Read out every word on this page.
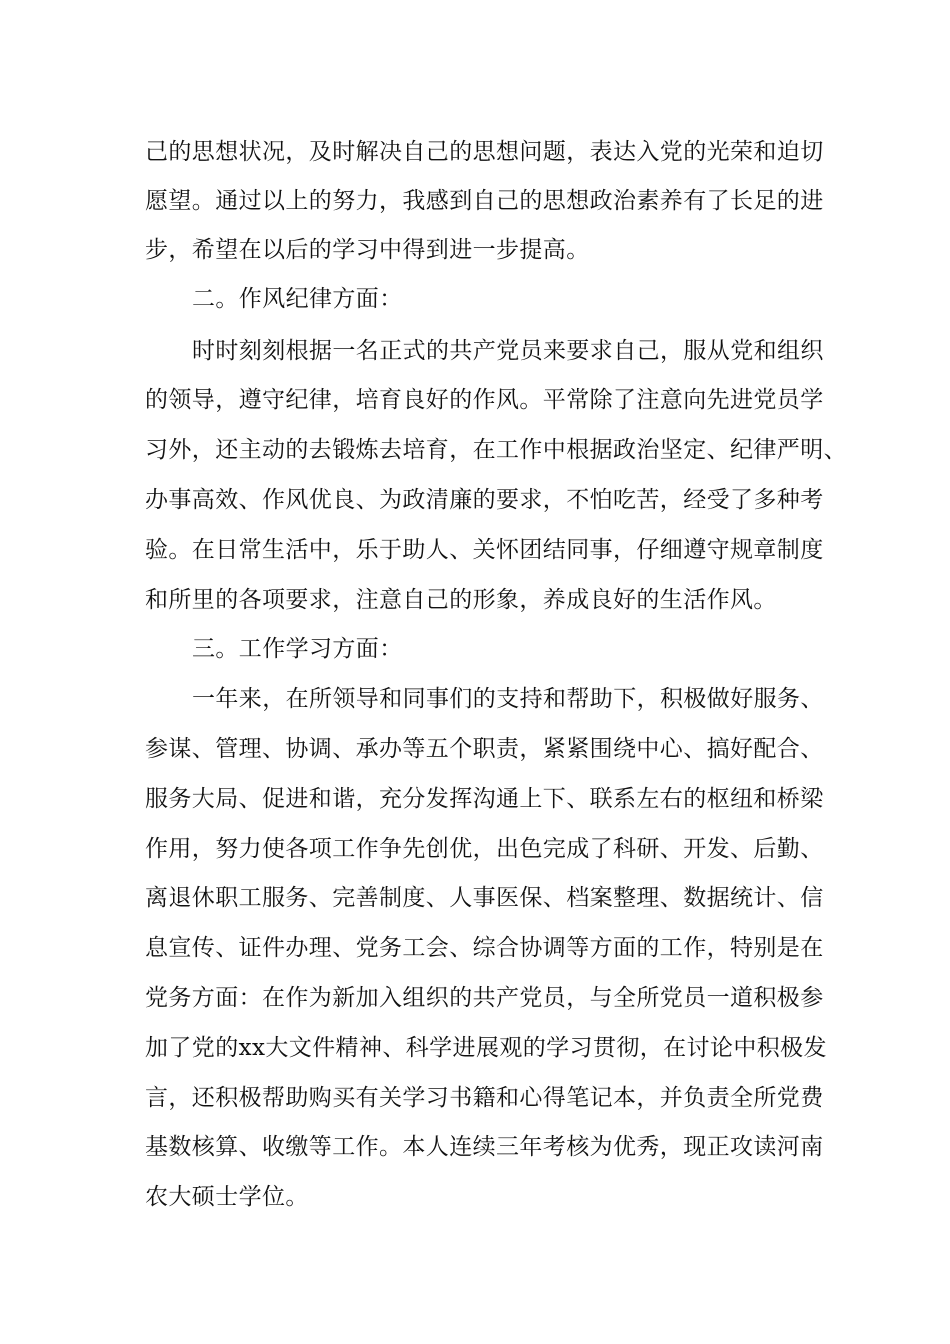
己的思想状况，及时解决自己的思想问题，表达入党的光荣和迫切
愿望。通过以上的努力，我感到自己的思想政治素养有了长足的进
步，希望在以后的学习中得到进一步提高。
二。作风纪律方面：
时时刻刻根据一名正式的共产党员来要求自己，服从党和组织
的领导，遵守纪律，培育良好的作风。平常除了注意向先进党员学
习外，还主动的去锻炼去培育，在工作中根据政治坚定、纪律严明、
办事高效、作风优良、为政清廉的要求，不怕吃苦，经受了多种考
验。在日常生活中，乐于助人、关怀团结同事，仔细遵守规章制度
和所里的各项要求，注意自己的形象，养成良好的生活作风。
三。工作学习方面：
一年来，在所领导和同事们的支持和帮助下，积极做好服务、
参谋、管理、协调、承办等五个职责，紧紧围绕中心、搞好配合、
服务大局、促进和谐，充分发挥沟通上下、联系左右的枢纽和桥梁
作用，努力使各项工作争先创优，出色完成了科研、开发、后勤、
离退休职工服务、完善制度、人事医保、档案整理、数据统计、信
息宣传、证件办理、党务工会、综合协调等方面的工作，特别是在
党务方面：在作为新加入组织的共产党员，与全所党员一道积极参
加了党的xx大文件精神、科学进展观的学习贯彻，在讨论中积极发
言，还积极帮助购买有关学习书籍和心得笔记本，并负责全所党费
基数核算、收缴等工作。本人连续三年考核为优秀，现正攻读河南
农大硕士学位。
